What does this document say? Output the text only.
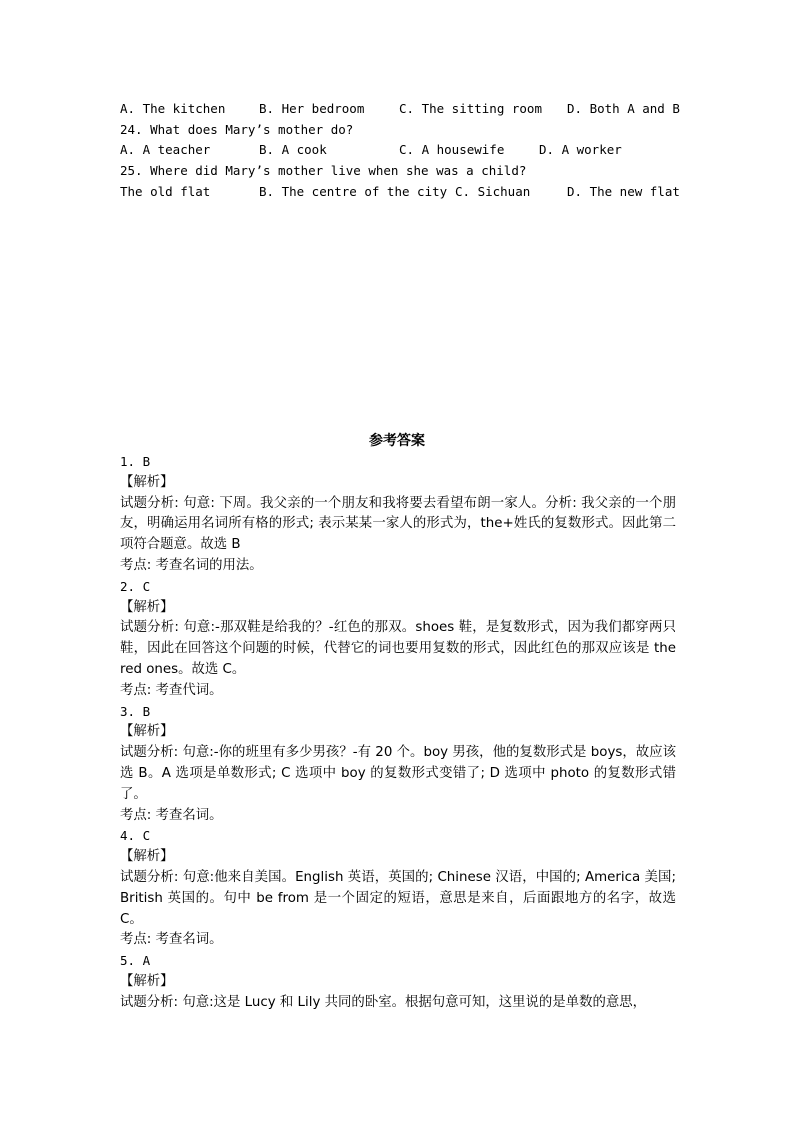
A. The kitchen

	B. Her bedroom

	C. The sitting room

D. Both A and B

24. What does Mary’s mother do?

A. A teacher

	B. A cook

	C. A housewife

	D. A worker

25. Where did Mary’s mother live when she was a child?

The old flat

	B. The centre of the city

C. Sichuan

	D. The new flat

参考答案

1. B

【解析】

试题分析: 句意: 下周。我父亲的一个朋友和我将要去看望布朗一家人。分析: 我父亲的一个朋友，明确运用名词所有格的形式; 表示某某一家人的形式为，the+姓氏的复数形式。因此第二项符合题意。故选 B

考点: 考查名词的用法。

2. C

【解析】

试题分析: 句意:-那双鞋是给我的？-红色的那双。shoes 鞋，是复数形式，因为我们都穿两只鞋，因此在回答这个问题的时候，代替它的词也要用复数的形式，因此红色的那双应该是 the red ones。故选 C。

考点: 考查代词。

3. B

【解析】

试题分析: 句意:-你的班里有多少男孩？-有 20 个。boy 男孩，他的复数形式是 boys，故应该选 B。A 选项是单数形式; C 选项中 boy 的复数形式变错了; D 选项中 photo 的复数形式错了。

考点: 考查名词。

4. C

【解析】

试题分析: 句意:他来自美国。English 英语，英国的; Chinese 汉语，中国的; America 美国; British 英国的。句中 be from 是一个固定的短语，意思是来自，后面跟地方的名字，故选 C。

考点: 考查名词。

5. A

【解析】

试题分析: 句意:这是 Lucy 和 Lily 共同的卧室。根据句意可知，这里说的是单数的意思，
